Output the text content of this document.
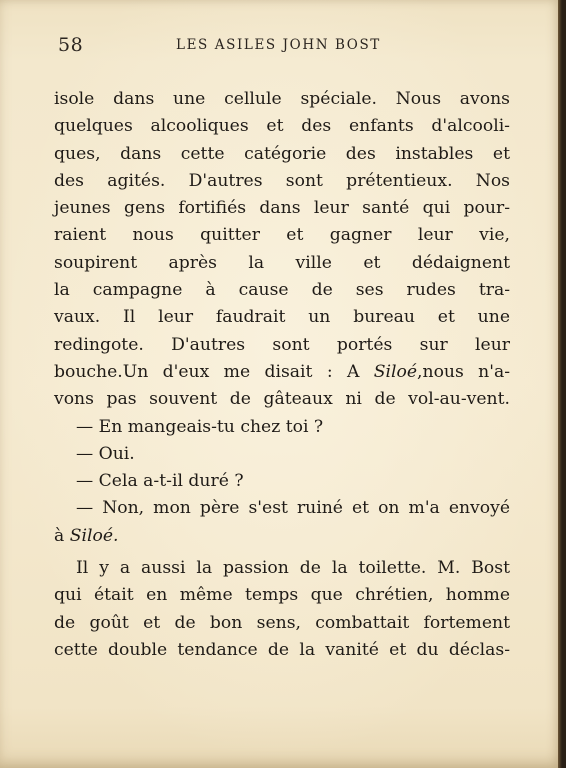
58	LES ASILES JOHN BOST
isole dans une cellule spéciale. Nous avons
quelques alcooliques et des enfants d'alcooli-
ques, dans cette catégorie des instables et
des agités. D'autres sont prétentieux. Nos
jeunes gens fortifiés dans leur santé qui pour-
raient nous quitter et gagner leur vie,
soupirent après la ville et dédaignent
la campagne à cause de ses rudes tra-
vaux. Il leur faudrait un bureau et une
redingote. D'autres sont portés sur leur
bouche.Un d'eux me disait : A Siloé,nous n'a-
vons pas souvent de gâteaux ni de vol-au-vent.
— En mangeais-tu chez toi ?
— Oui.
— Cela a-t-il duré ?
— Non, mon père s'est ruiné et on m'a envoyé
à Siloé.
Il y a aussi la passion de la toilette. M. Bost
qui était en même temps que chrétien, homme
de goût et de bon sens, combattait fortement
cette double tendance de la vanité et du déclas-
